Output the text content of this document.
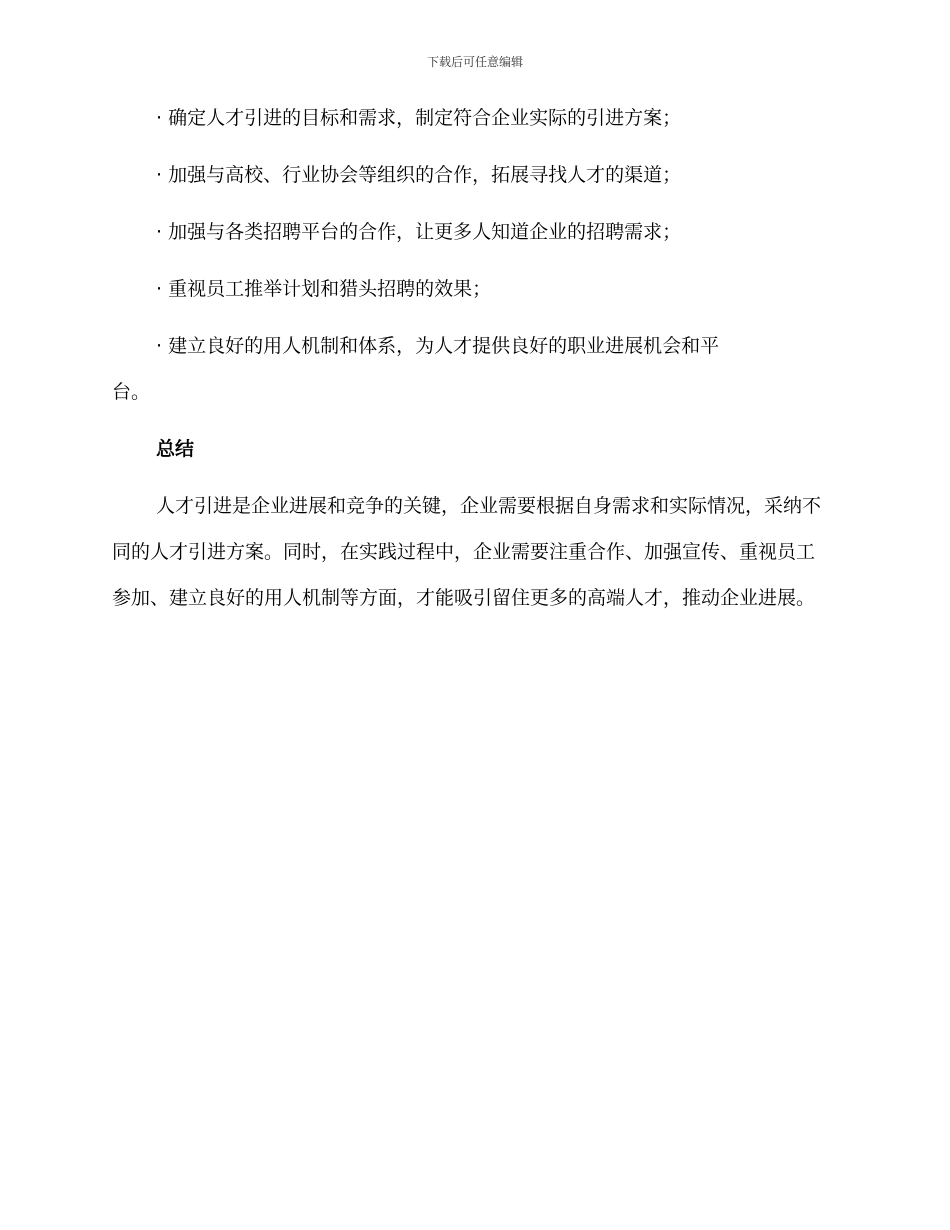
下载后可任意编辑
· 确定人才引进的目标和需求，制定符合企业实际的引进方案；
· 加强与高校、行业协会等组织的合作，拓展寻找人才的渠道；
· 加强与各类招聘平台的合作，让更多人知道企业的招聘需求；
· 重视员工推举计划和猎头招聘的效果；
· 建立良好的用人机制和体系，为人才提供良好的职业进展机会和平
台。
总结
人才引进是企业进展和竞争的关键，企业需要根据自身需求和实际情况，采纳不同的人才引进方案。同时，在实践过程中，企业需要注重合作、加强宣传、重视员工参加、建立良好的用人机制等方面，才能吸引留住更多的高端人才，推动企业进展。
